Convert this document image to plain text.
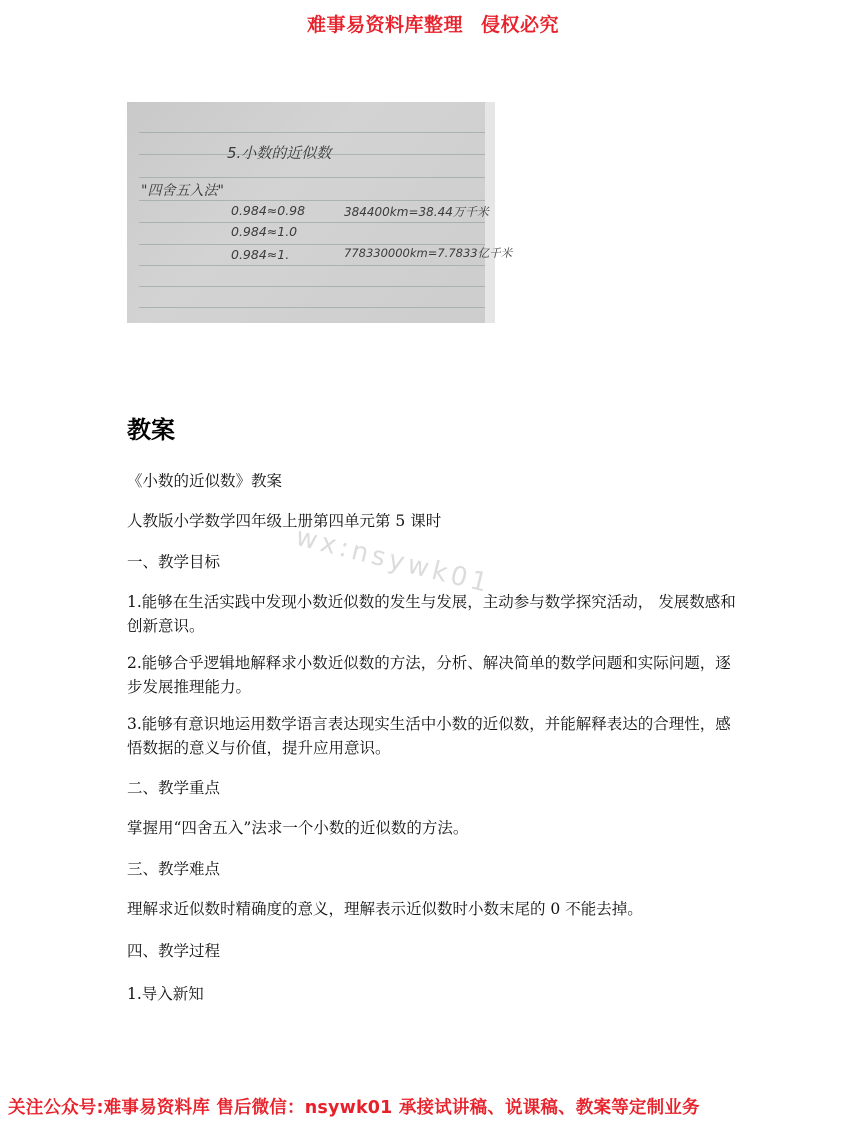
难事易资料库整理 侵权必究
5.小数的近似数
"四舍五入法"
0.984≈0.98	384400km=38.44万千米
0.984≈1.0
0.984≈1.	778330000km=7.7833亿千米
wx:nsywk01
教案

《小数的近似数》教案

人教版小学数学四年级上册第四单元第 5 课时

一、教学目标

1.能够在生活实践中发现小数近似数的发生与发展，主动参与数学探究活动， 发展数感和创新意识。

2.能够合乎逻辑地解释求小数近似数的方法，分析、解决简单的数学问题和实际问题，逐步发展推理能力。

3.能够有意识地运用数学语言表达现实生活中小数的近似数，并能解释表达的合理性，感悟数据的意义与价值，提升应用意识。

二、教学重点

掌握用“四舍五入”法求一个小数的近似数的方法。

三、教学难点

理解求近似数时精确度的意义，理解表示近似数时小数末尾的 0 不能去掉。

四、教学过程

1.导入新知

关注公众号:难事易资料库 售后微信：nsywk01 承接试讲稿、说课稿、教案等定制业务
